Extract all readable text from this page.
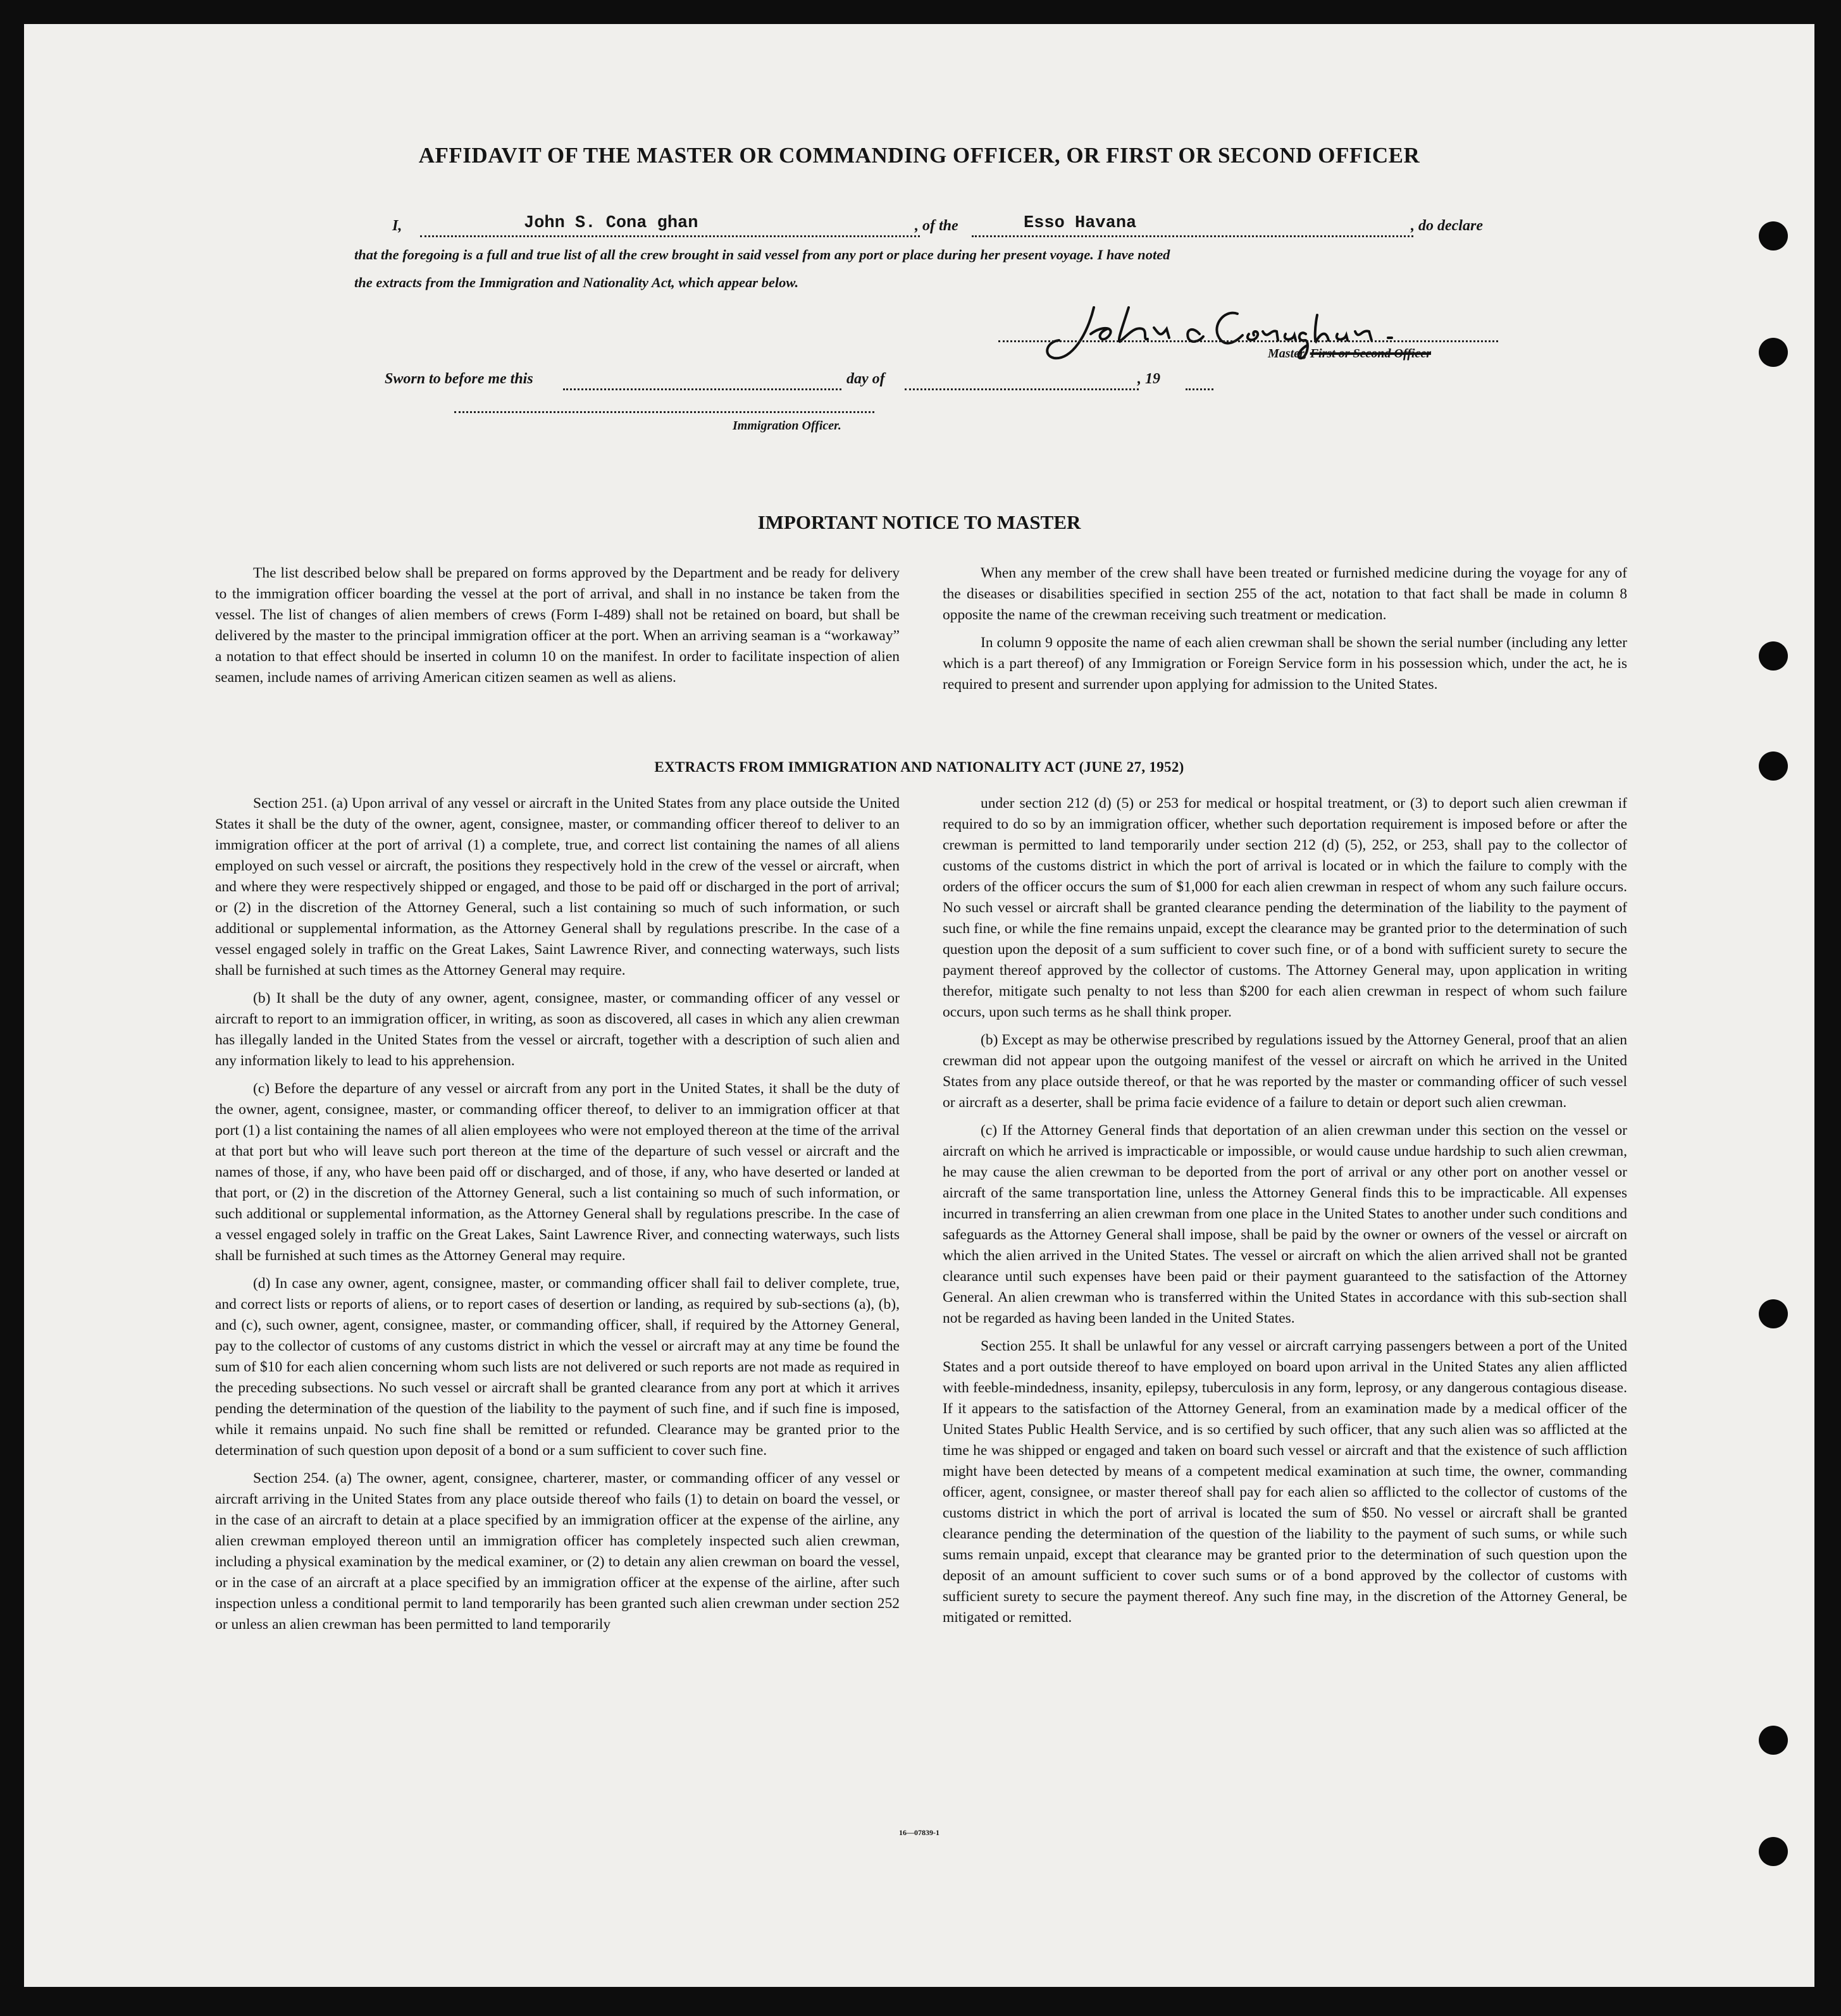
AFFIDAVIT OF THE MASTER OR COMMANDING OFFICER, OR FIRST OR SECOND OFFICER
I,	John S. Cona ghan	, of the	Esso Havana	, do declare
that the foregoing is a full and true list of all the crew brought in said vessel from any port or place during her present voyage. I have noted
the extracts from the Immigration and Nationality Act, which appear below.
Master, First or Second Officer
Sworn to before me this	day of	, 19
Immigration Officer.
IMPORTANT NOTICE TO MASTER

The list described below shall be prepared on forms approved by the Department and be ready for delivery to the immigration officer boarding the vessel at the port of arrival, and shall in no instance be taken from the vessel. The list of changes of alien members of crews (Form I-489) shall not be retained on board, but shall be delivered by the master to the principal immigration officer at the port. When an arriving seaman is a “workaway” a notation to that effect should be inserted in column 10 on the manifest. In order to facilitate inspection of alien seamen, include names of arriving American citizen seamen as well as aliens.

When any member of the crew shall have been treated or furnished medicine during the voyage for any of the diseases or disabilities specified in section 255 of the act, notation to that fact shall be made in column 8 opposite the name of the crewman receiving such treatment or medication.

In column 9 opposite the name of each alien crewman shall be shown the serial number (including any letter which is a part thereof) of any Immigration or Foreign Service form in his possession which, under the act, he is required to present and surrender upon applying for admission to the United States.

EXTRACTS FROM IMMIGRATION AND NATIONALITY ACT (JUNE 27, 1952)

Section 251. (a) Upon arrival of any vessel or aircraft in the United States from any place outside the United States it shall be the duty of the owner, agent, consignee, master, or commanding officer thereof to deliver to an immigration officer at the port of arrival (1) a complete, true, and correct list containing the names of all aliens employed on such vessel or aircraft, the positions they respectively hold in the crew of the vessel or aircraft, when and where they were respectively shipped or engaged, and those to be paid off or discharged in the port of arrival; or (2) in the discretion of the Attorney General, such a list containing so much of such information, or such additional or supplemental information, as the Attorney General shall by regulations prescribe. In the case of a vessel engaged solely in traffic on the Great Lakes, Saint Lawrence River, and connecting waterways, such lists shall be furnished at such times as the Attorney General may require.

(b) It shall be the duty of any owner, agent, consignee, master, or commanding officer of any vessel or aircraft to report to an immigration officer, in writing, as soon as discovered, all cases in which any alien crewman has illegally landed in the United States from the vessel or aircraft, together with a description of such alien and any information likely to lead to his apprehension.

(c) Before the departure of any vessel or aircraft from any port in the United States, it shall be the duty of the owner, agent, consignee, master, or commanding officer thereof, to deliver to an immigration officer at that port (1) a list containing the names of all alien employees who were not employed thereon at the time of the arrival at that port but who will leave such port thereon at the time of the departure of such vessel or aircraft and the names of those, if any, who have been paid off or discharged, and of those, if any, who have deserted or landed at that port, or (2) in the discretion of the Attorney General, such a list containing so much of such information, or such additional or supplemental information, as the Attorney General shall by regulations prescribe. In the case of a vessel engaged solely in traffic on the Great Lakes, Saint Lawrence River, and connecting waterways, such lists shall be furnished at such times as the Attorney General may require.

(d) In case any owner, agent, consignee, master, or commanding officer shall fail to deliver complete, true, and correct lists or reports of aliens, or to report cases of desertion or landing, as required by sub-sections (a), (b), and (c), such owner, agent, consignee, master, or commanding officer, shall, if required by the Attorney General, pay to the collector of customs of any customs district in which the vessel or aircraft may at any time be found the sum of $10 for each alien concerning whom such lists are not delivered or such reports are not made as required in the preceding subsections. No such vessel or aircraft shall be granted clearance from any port at which it arrives pending the determination of the question of the liability to the payment of such fine, and if such fine is imposed, while it remains unpaid. No such fine shall be remitted or refunded. Clearance may be granted prior to the determination of such question upon deposit of a bond or a sum sufficient to cover such fine.

Section 254. (a) The owner, agent, consignee, charterer, master, or commanding officer of any vessel or aircraft arriving in the United States from any place outside thereof who fails (1) to detain on board the vessel, or in the case of an aircraft to detain at a place specified by an immigration officer at the expense of the airline, any alien crewman employed thereon until an immigration officer has completely inspected such alien crewman, including a physical examination by the medical examiner, or (2) to detain any alien crewman on board the vessel, or in the case of an aircraft at a place specified by an immigration officer at the expense of the airline, after such inspection unless a conditional permit to land temporarily has been granted such alien crewman under section 252 or unless an alien crewman has been permitted to land temporarily

under section 212 (d) (5) or 253 for medical or hospital treatment, or (3) to deport such alien crewman if required to do so by an immigration officer, whether such deportation requirement is imposed before or after the crewman is permitted to land temporarily under section 212 (d) (5), 252, or 253, shall pay to the collector of customs of the customs district in which the port of arrival is located or in which the failure to comply with the orders of the officer occurs the sum of $1,000 for each alien crewman in respect of whom any such failure occurs. No such vessel or aircraft shall be granted clearance pending the determination of the liability to the payment of such fine, or while the fine remains unpaid, except the clearance may be granted prior to the determination of such question upon the deposit of a sum sufficient to cover such fine, or of a bond with sufficient surety to secure the payment thereof approved by the collector of customs. The Attorney General may, upon application in writing therefor, mitigate such penalty to not less than $200 for each alien crewman in respect of whom such failure occurs, upon such terms as he shall think proper.

(b) Except as may be otherwise prescribed by regulations issued by the Attorney General, proof that an alien crewman did not appear upon the outgoing manifest of the vessel or aircraft on which he arrived in the United States from any place outside thereof, or that he was reported by the master or commanding officer of such vessel or aircraft as a deserter, shall be prima facie evidence of a failure to detain or deport such alien crewman.

(c) If the Attorney General finds that deportation of an alien crewman under this section on the vessel or aircraft on which he arrived is impracticable or impossible, or would cause undue hardship to such alien crewman, he may cause the alien crewman to be deported from the port of arrival or any other port on another vessel or aircraft of the same transportation line, unless the Attorney General finds this to be impracticable. All expenses incurred in transferring an alien crewman from one place in the United States to another under such conditions and safeguards as the Attorney General shall impose, shall be paid by the owner or owners of the vessel or aircraft on which the alien arrived in the United States. The vessel or aircraft on which the alien arrived shall not be granted clearance until such expenses have been paid or their payment guaranteed to the satisfaction of the Attorney General. An alien crewman who is transferred within the United States in accordance with this sub-section shall not be regarded as having been landed in the United States.

Section 255. It shall be unlawful for any vessel or aircraft carrying passengers between a port of the United States and a port outside thereof to have employed on board upon arrival in the United States any alien afflicted with feeble-mindedness, insanity, epilepsy, tuberculosis in any form, leprosy, or any dangerous contagious disease. If it appears to the satisfaction of the Attorney General, from an examination made by a medical officer of the United States Public Health Service, and is so certified by such officer, that any such alien was so afflicted at the time he was shipped or engaged and taken on board such vessel or aircraft and that the existence of such affliction might have been detected by means of a competent medical examination at such time, the owner, commanding officer, agent, consignee, or master thereof shall pay for each alien so afflicted to the collector of customs of the customs district in which the port of arrival is located the sum of $50. No vessel or aircraft shall be granted clearance pending the determination of the question of the liability to the payment of such sums, or while such sums remain unpaid, except that clearance may be granted prior to the determination of such question upon the deposit of an amount sufficient to cover such sums or of a bond approved by the collector of customs with sufficient surety to secure the payment thereof. Any such fine may, in the discretion of the Attorney General, be mitigated or remitted.

16—07839-1
